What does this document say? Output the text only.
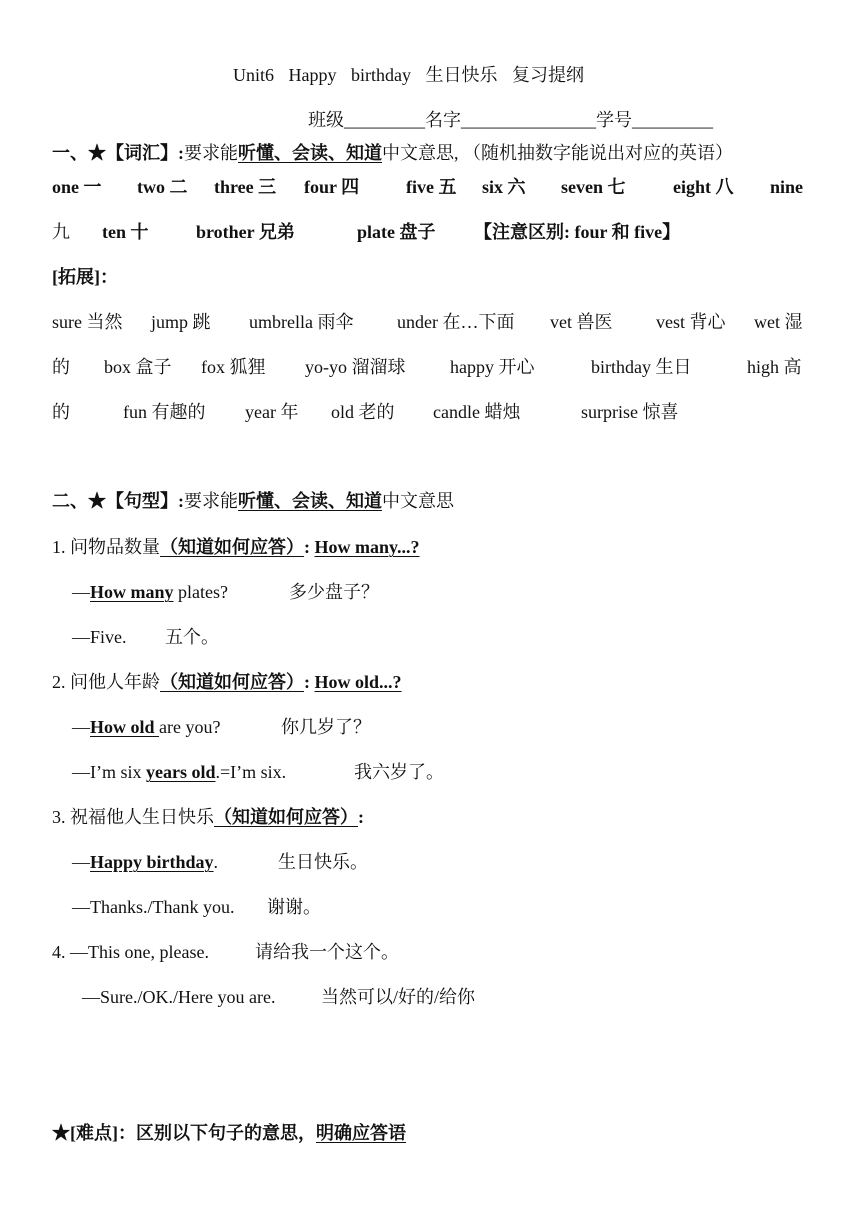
Unit6 Happy birthday 生日快乐 复习提纲
班级_________名字_______________学号_________
一、★【词汇】:要求能听懂、会读、知道中文意思, （随机抽数字能说出对应的英语）
one 一 two 二 three 三 four 四	five 五 six 六 seven 七	eight 八 nine
九 ten 十	brother 兄弟	plate 盘子 【注意区别: four 和 five】
[拓展]：
sure 当然 jump 跳 umbrella 雨伞 under 在…下面 vet 兽医 vest 背心 wet 湿
的 box 盒子 fox 狐狸 yo-yo 溜溜球 happy 开心	birthday 生日	high 高
的	fun 有趣的 year 年 old 老的 candle 蜡烛	surprise 惊喜
二、★【句型】:要求能听懂、会读、知道中文意思
1. 问物品数量（知道如何应答）: How many...?
—How many plates?	多少盘子？
—Five. 五个。
2. 问他人年龄（知道如何应答）: How old...?
—How old are you?	你几岁了？
—I’m six years old.=I’m six.	我六岁了。
3. 祝福他人生日快乐（知道如何应答）:
—Happy birthday.	生日快乐。
—Thanks./Thank you. 谢谢。
4. —This one, please.	请给我一个这个。
—Sure./OK./Here you are.	当然可以/好的/给你
★[难点]：区别以下句子的意思，明确应答语
